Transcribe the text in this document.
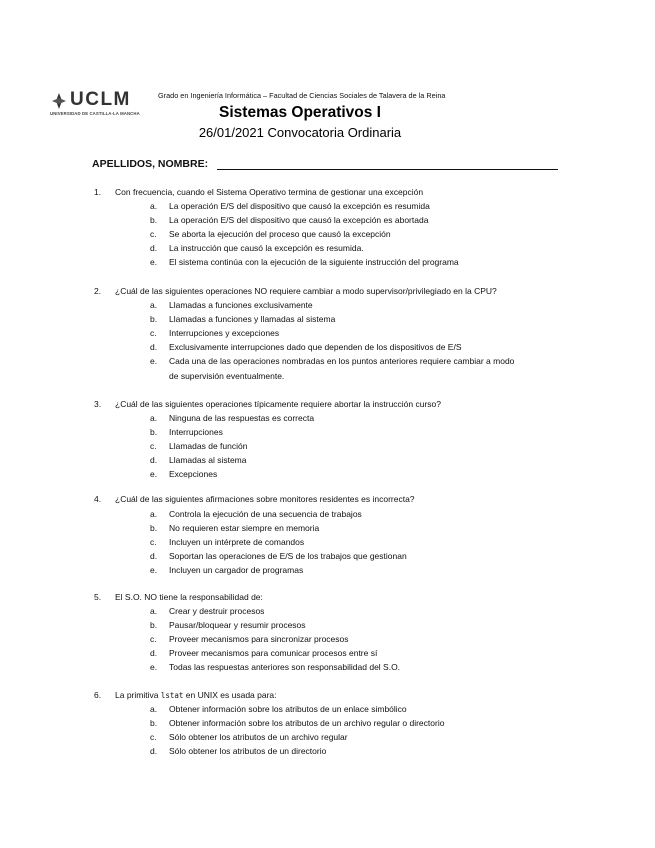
UCLM
UNIVERSIDAD DE CASTILLA-LA MANCHA
Grado en Ingeniería Informática – Facultad de Ciencias Sociales de Talavera de la Reina
Sistemas Operativos I
26/01/2021 Convocatoria Ordinaria
APELLIDOS, NOMBRE:
1. Con frecuencia, cuando el Sistema Operativo termina de gestionar una excepción
a. La operación E/S del dispositivo que causó la excepción es resumida
b. La operación E/S del dispositivo que causó la excepción es abortada
c. Se aborta la ejecución del proceso que causó la excepción
d. La instrucción que causó la excepción es resumida.
e. El sistema continúa con la ejecución de la siguiente instrucción del programa
2. ¿Cuál de las siguientes operaciones NO requiere cambiar a modo supervisor/privilegiado en la CPU?
a. Llamadas a funciones exclusivamente
b. Llamadas a funciones y llamadas al sistema
c. Interrupciones y excepciones
d. Exclusivamente interrupciones dado que dependen de los dispositivos de E/S
e. Cada una de las operaciones nombradas en los puntos anteriores requiere cambiar a modo
de supervisión eventualmente.
3. ¿Cuál de las siguientes operaciones típicamente requiere abortar la instrucción curso?
a. Ninguna de las respuestas es correcta
b. Interrupciones
c. Llamadas de función
d. Llamadas al sistema
e. Excepciones
4. ¿Cuál de las siguientes afirmaciones sobre monitores residentes es incorrecta?
a. Controla la ejecución de una secuencia de trabajos
b. No requieren estar siempre en memoria
c. Incluyen un intérprete de comandos
d. Soportan las operaciones de E/S de los trabajos que gestionan
e. Incluyen un cargador de programas
5. El S.O. NO tiene la responsabilidad de:
a. Crear y destruir procesos
b. Pausar/bloquear y resumir procesos
c. Proveer mecanismos para sincronizar procesos
d. Proveer mecanismos para comunicar procesos entre sí
e. Todas las respuestas anteriores son responsabilidad del S.O.
6. La primitiva lstat en UNIX es usada para:
a. Obtener información sobre los atributos de un enlace simbólico
b. Obtener información sobre los atributos de un archivo regular o directorio
c. Sólo obtener los atributos de un archivo regular
d. Sólo obtener los atributos de un directorio
